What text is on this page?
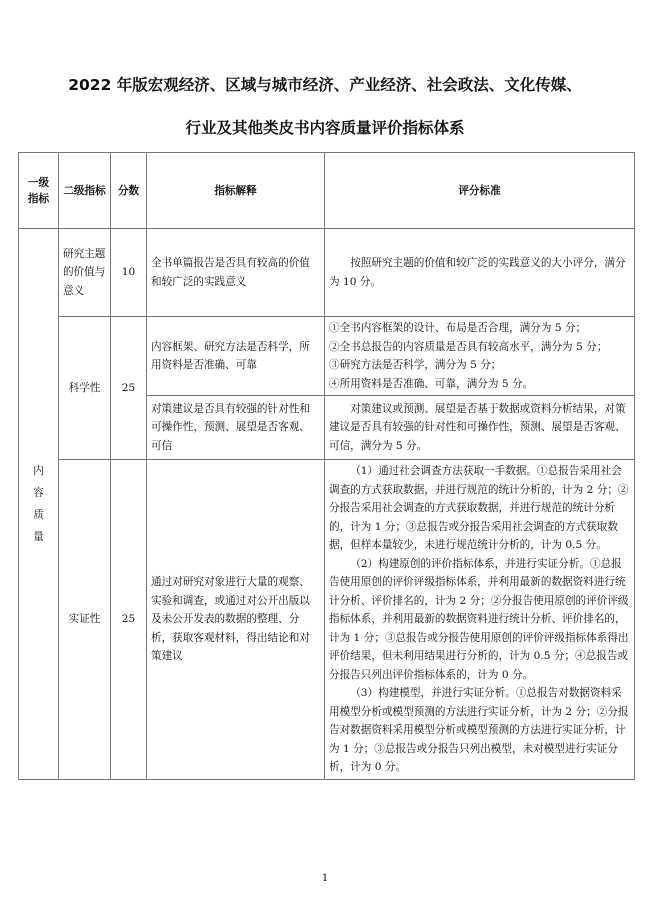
2022 年版宏观经济、区域与城市经济、产业经济、社会政法、文化传媒、
行业及其他类皮书内容质量评价指标体系
一级指标	二级指标	分数	指标解释	评分标准
内
容
质
量	研究主题的价值与意义	10	全书单篇报告是否具有较高的价值和较广泛的实践意义	按照研究主题的价值和较广泛的实践意义的大小评分，满分为 10 分。

	科学性	25	内容框架、研究方法是否科学，所用资料是否准确、可靠	①全书内容框架的设计、布局是否合理，满分为 5 分；

②全书总报告的内容质量是否具有较高水平，满分为 5 分；

③研究方法是否科学，满分为 5 分；

④所用资料是否准确、可靠，满分为 5 分。

			对策建议是否具有较强的针对性和可操作性，预测、展望是否客观、可信	对策建议或预测、展望是否基于数据或资料分析结果，对策建议是否具有较强的针对性和可操作性，预测、展望是否客观、可信，满分为 5 分。

	实证性	25	通过对研究对象进行大量的观察、实验和调查，或通过对公开出版以及未公开发表的数据的整理、分析，获取客观材料，得出结论和对策建议	（1）通过社会调查方法获取一手数据。①总报告采用社会调查的方式获取数据，并进行规范的统计分析的，计为 2 分；②分报告采用社会调查的方式获取数据，并进行规范的统计分析的，计为 1 分；③总报告或分报告采用社会调查的方式获取数据，但样本量较少，未进行规范统计分析的，计为 0.5 分。

（2）构建原创的评价指标体系，并进行实证分析。①总报告使用原创的评价评级指标体系，并利用最新的数据资料进行统计分析、评价排名的，计为 2 分；②分报告使用原创的评价评级指标体系，并利用最新的数据资料进行统计分析、评价排名的，计为 1 分；③总报告或分报告使用原创的评价评级指标体系得出评价结果，但未利用结果进行分析的，计为 0.5 分；④总报告或分报告只列出评价指标体系的，计为 0 分。

（3）构建模型，并进行实证分析。①总报告对数据资料采用模型分析或模型预测的方法进行实证分析，计为 2 分；②分报告对数据资料采用模型分析或模型预测的方法进行实证分析，计为 1 分；③总报告或分报告只列出模型，未对模型进行实证分析，计为 0 分。

1
